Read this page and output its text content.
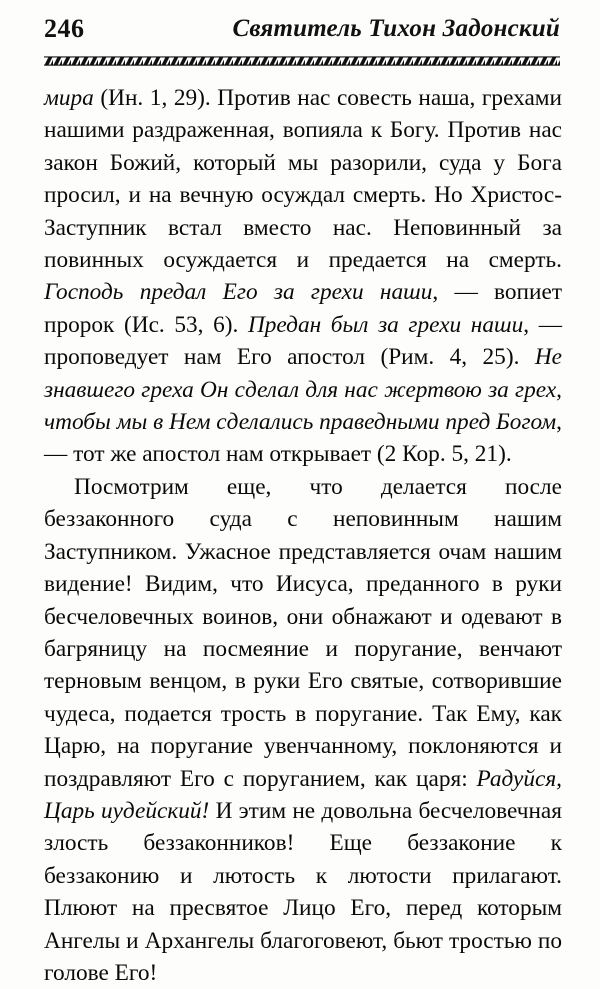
246	Святитель Тихон Задонский

мира (Ин. 1, 29). Против нас совесть наша, грехами нашими раздраженная, вопияла к Богу. Против нас закон Божий, который мы разорили, суда у Бога просил, и на вечную осуждал смерть. Но Христос-Заступник встал вместо нас. Неповинный за повинных осуждается и предается на смерть. Господь предал Его за грехи наши, — вопиет пророк (Ис. 53, 6). Предан был за грехи наши, — проповедует нам Его апостол (Рим. 4, 25). Не знавшего греха Он сделал для нас жертвою за грех, чтобы мы в Нем сделались праведными пред Богом, — тот же апостол нам открывает (2 Кор. 5, 21).

Посмотрим еще, что делается после беззаконного суда с неповинным нашим Заступником. Ужасное представляется очам нашим видение! Видим, что Иисуса, преданного в руки бесчеловечных воинов, они обнажают и одевают в багряницу на посмеяние и поругание, венчают терновым венцом, в руки Его святые, сотворившие чудеса, подается трость в поругание. Так Ему, как Царю, на поругание увенчанному, поклоняются и поздравляют Его с поруганием, как царя: Радуйся, Царь иудейский! И этим не довольна бесчеловечная злость беззаконников! Еще беззаконие к беззаконию и лютость к лютости прилагают. Плюют на пресвятое Лицо Его, перед которым Ангелы и Архангелы благоговеют, бьют тростью по голове Его!
